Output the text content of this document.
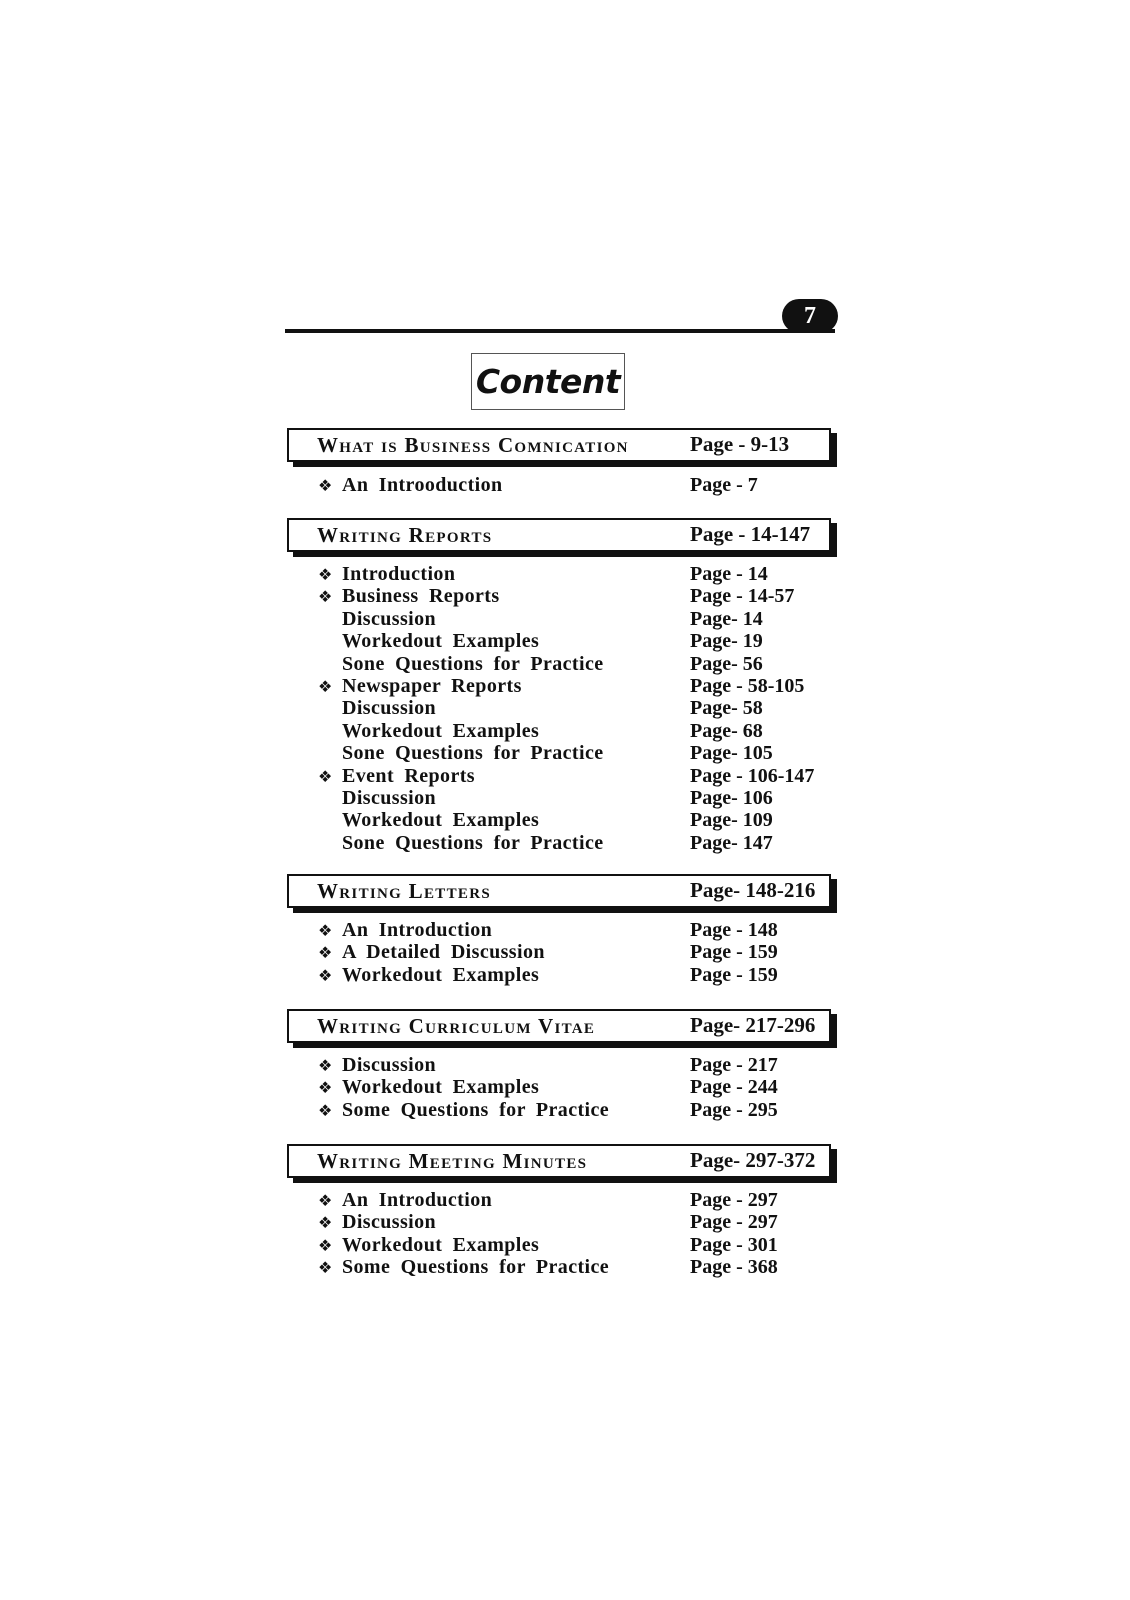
7
Content
What is Business Comnication	Page - 9-13
❖ An Introoduction	Page - 7
Writing Reports	Page - 14-147
❖ Introduction	Page - 14
❖ Business Reports	Page - 14-57
Discussion	Page- 14
Workedout Examples	Page- 19
Sone Questions for Practice	Page- 56
❖ Newspaper Reports	Page - 58-105
Discussion	Page- 58
Workedout Examples	Page- 68
Sone Questions for Practice	Page- 105
❖ Event Reports	Page - 106-147
Discussion	Page- 106
Workedout Examples	Page- 109
Sone Questions for Practice	Page- 147
Writing Letters	Page- 148-216
❖ An Introduction	Page - 148
❖ A Detailed Discussion	Page - 159
❖ Workedout Examples	Page - 159
Writing Curriculum Vitae	Page- 217-296
❖ Discussion	Page - 217
❖ Workedout Examples	Page - 244
❖ Some Questions for Practice	Page - 295
Writing Meeting Minutes	Page- 297-372
❖ An Introduction	Page - 297
❖ Discussion	Page - 297
❖ Workedout Examples	Page - 301
❖ Some Questions for Practice	Page - 368
